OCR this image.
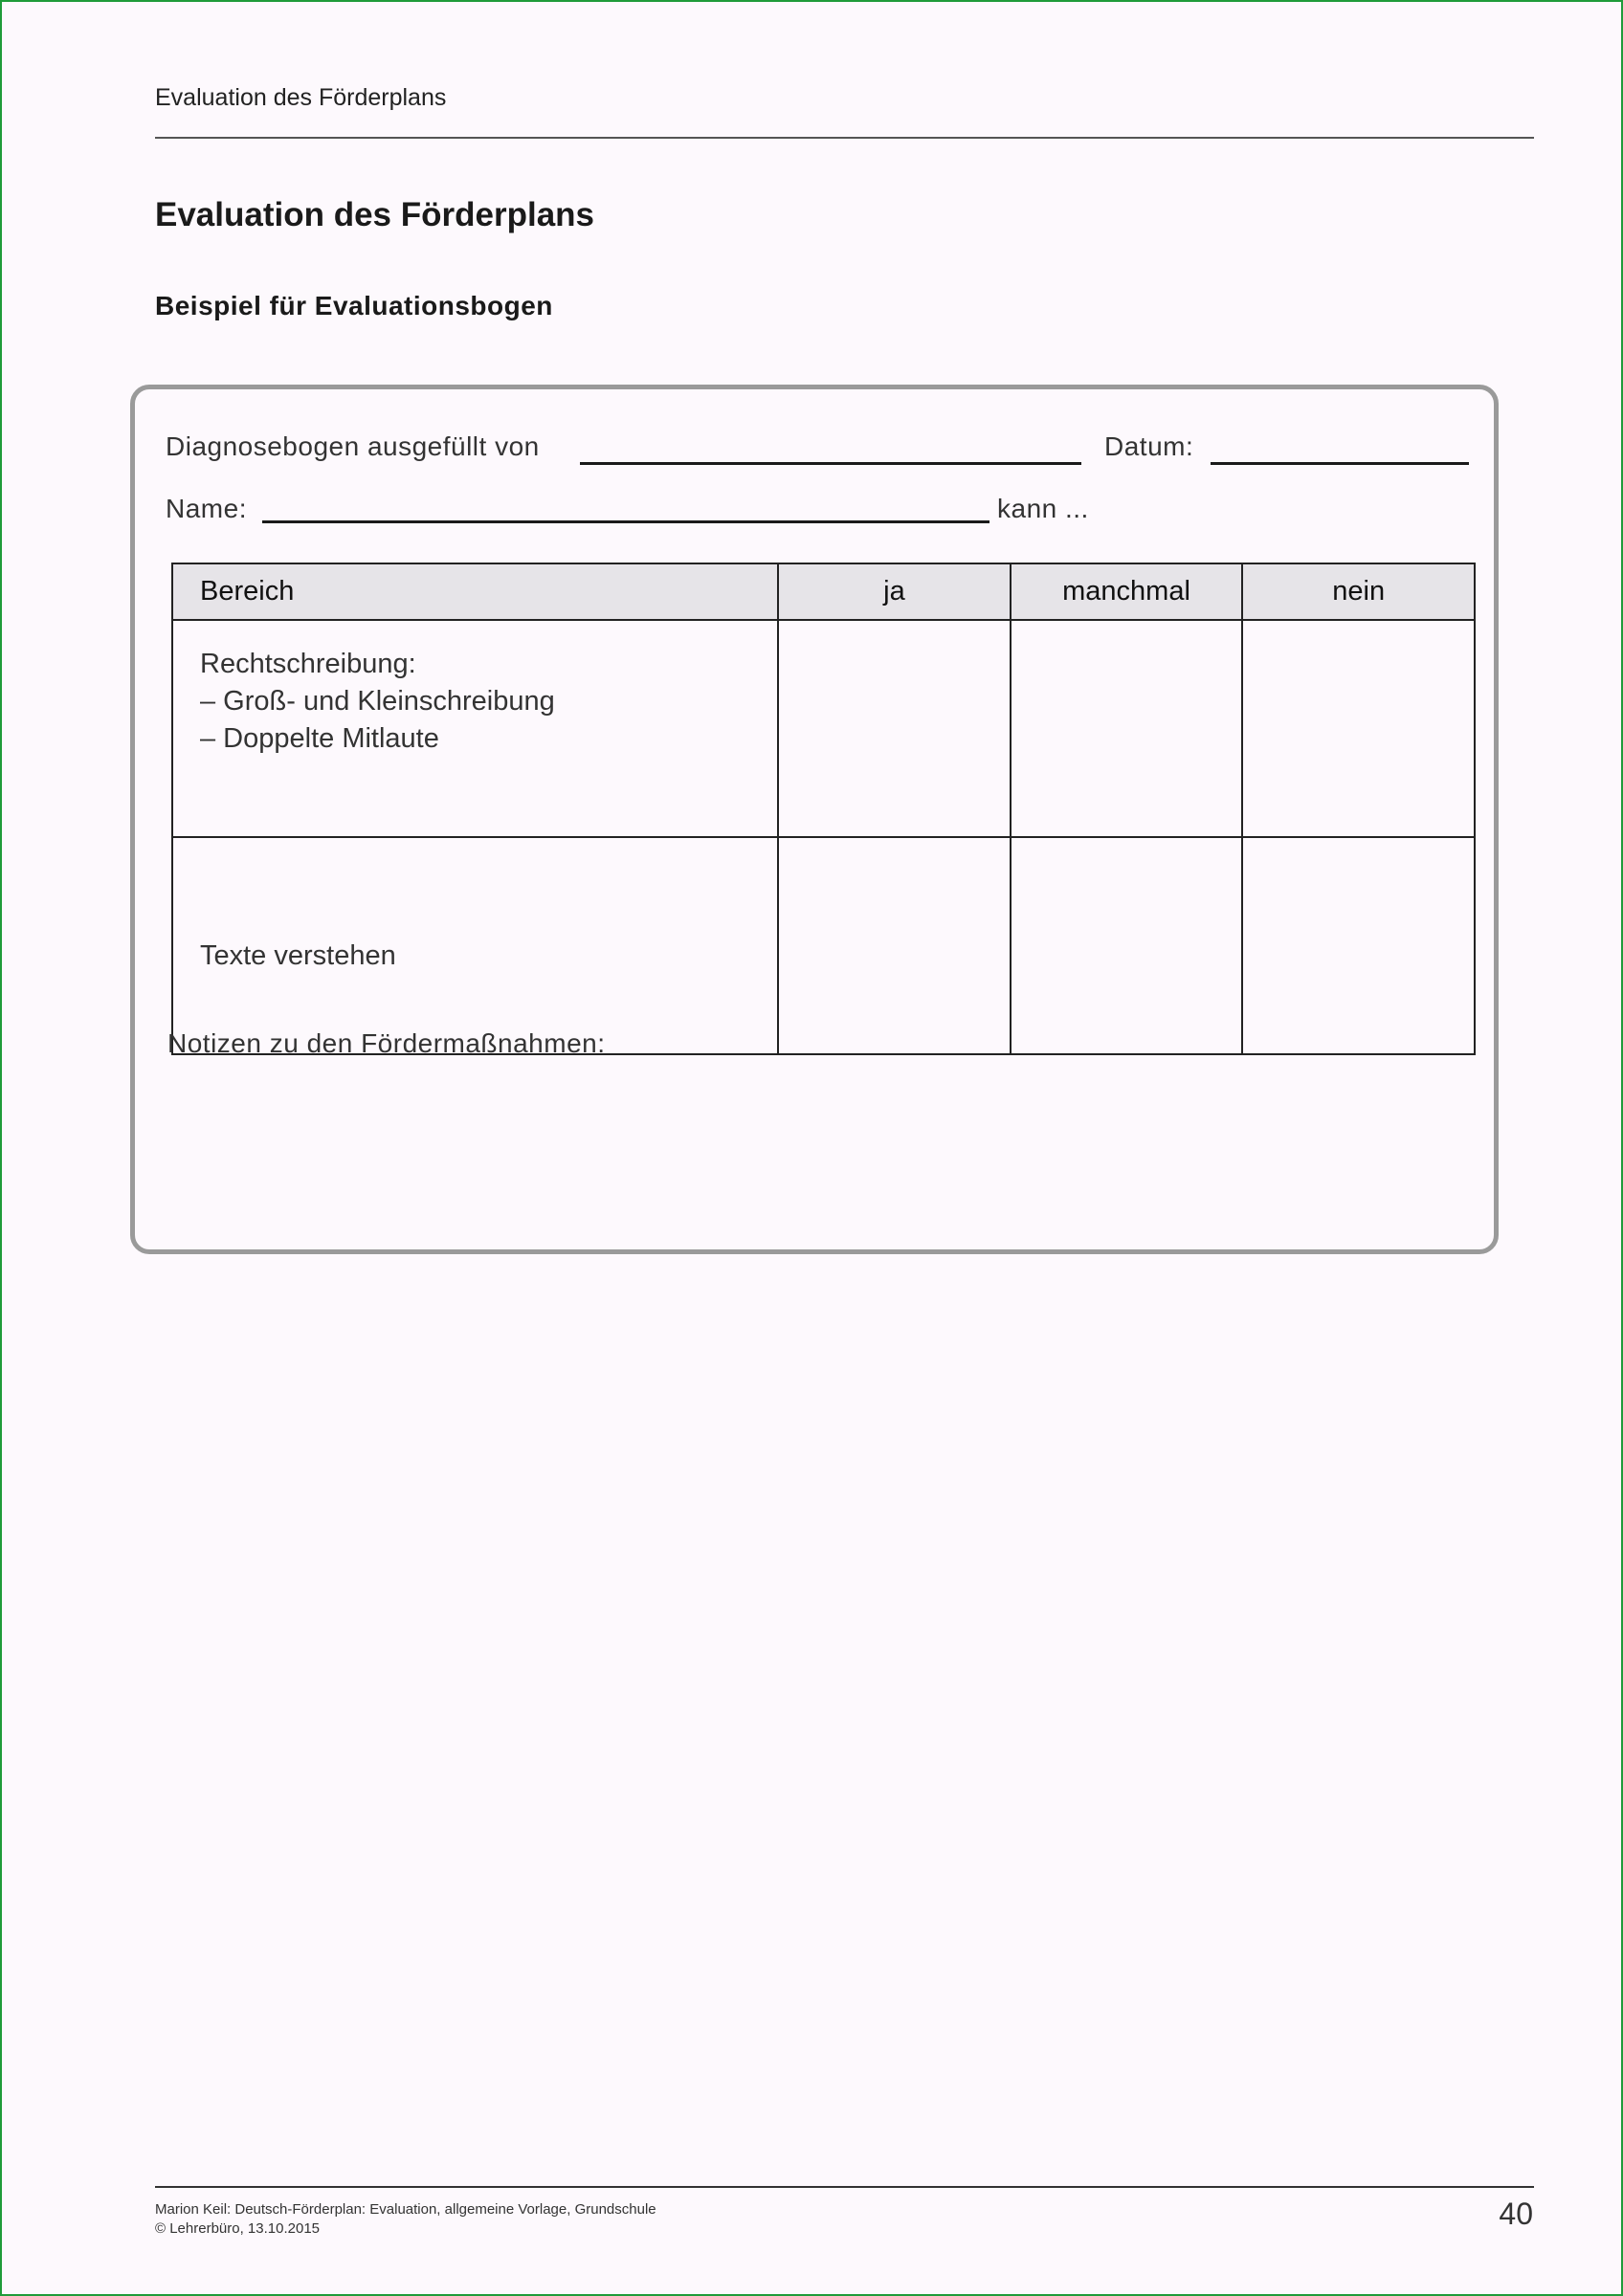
Evaluation des Förderplans
Evaluation des Förderplans
Beispiel für Evaluationsbogen
Diagnosebogen ausgefüllt von	Datum:
Name:	kann ...
Bereich	ja	manchmal	nein

Rechtschreibung:
– Groß- und Kleinschreibung
– Doppelte Mitlaute			

Texte verstehen			

Notizen zu den Fördermaßnahmen:
Marion Keil: Deutsch-Förderplan: Evaluation, allgemeine Vorlage, Grundschule
© Lehrerbüro, 13.10.2015	40
